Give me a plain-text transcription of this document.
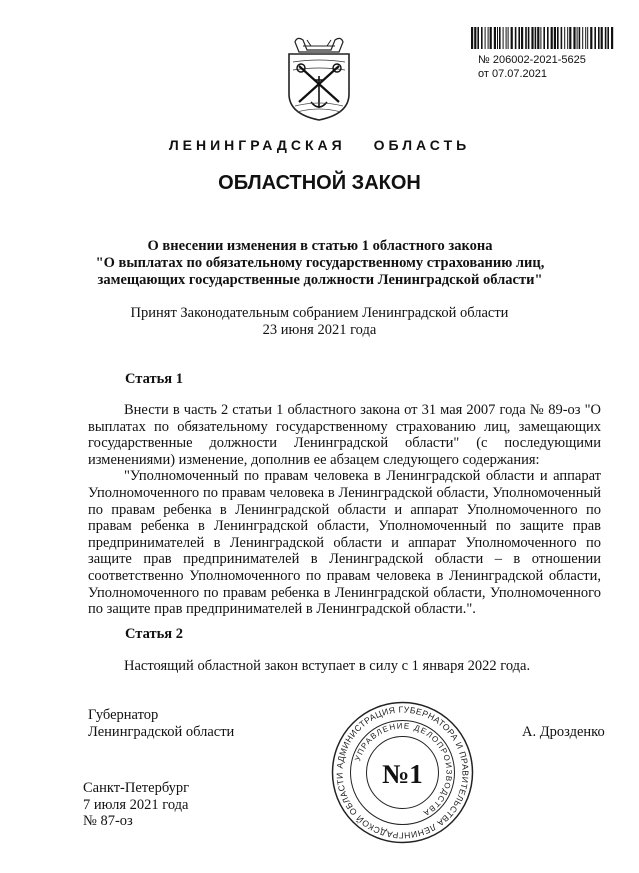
№ 206002-2021-5625
от 07.07.2021
ЛЕНИНГРАДСКАЯ ОБЛАСТЬ
ОБЛАСТНОЙ ЗАКОН
О внесении изменения в статью 1 областного закона
"О выплатах по обязательному государственному страхованию лиц,
замещающих государственные должности Ленинградской области"
Принят Законодательным собранием Ленинградской области
23 июня 2021 года
Статья 1

Внести в часть 2 статьи 1 областного закона от 31 мая 2007 года № 89-оз "О выплатах по обязательному государственному страхованию лиц, замещающих государственные должности Ленинградской области" (с последующими изменениями) изменение, дополнив ее абзацем следующего содержания:

"Уполномоченный по правам человека в Ленинградской области и аппарат Уполномоченного по правам человека в Ленинградской области, Уполномоченный по правам ребенка в Ленинградской области и аппарат Уполномоченного по правам ребенка в Ленинградской области, Уполномоченный по защите прав предпринимателей в Ленинградской области и аппарат Уполномоченного по защите прав предпринимателей в Ленинградской области – в отношении соответственно Уполномоченного по правам человека в Ленинградской области, Уполномоченного по правам ребенка в Ленинградской области, Уполномоченного по защите прав предпринимателей в Ленинградской области.".

Статья 2

Настоящий областной закон вступает в силу с 1 января 2022 года.

Губернатор
Ленинградской области	А. Дрозденко
Санкт-Петербург
7 июля 2021 года
№ 87-оз
АДМИНИСТРАЦИЯ ГУБЕРНАТОРА И ПРАВИТЕЛЬСТВА ЛЕНИНГРАДСКОЙ ОБЛАСТИ
УПРАВЛЕНИЕ ДЕЛОПРОИЗВОДСТВА
№1
